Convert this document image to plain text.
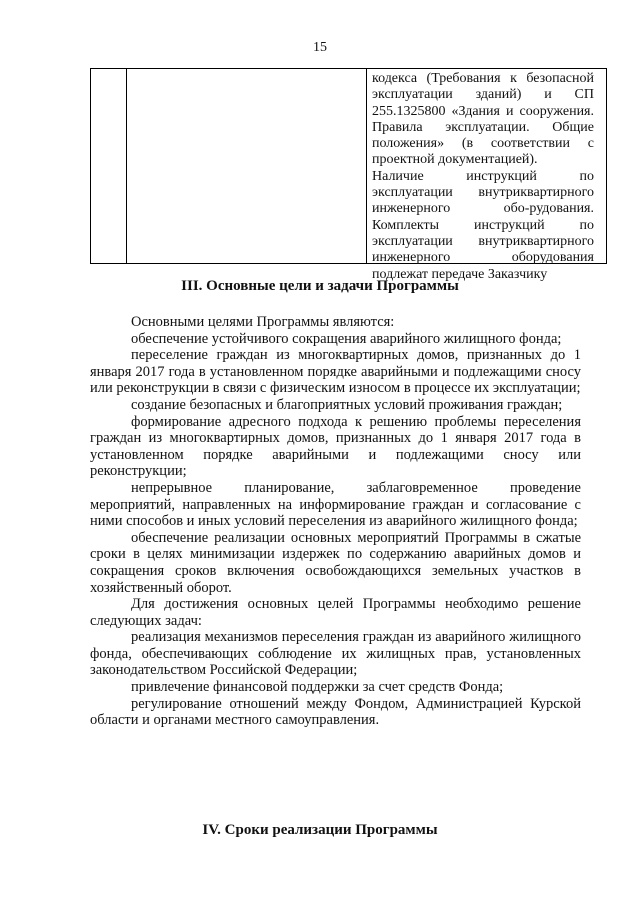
15

кодекса (Требования к безопасной эксплуатации зданий) и СП 255.1325800 «Здания и сооружения. Правила эксплуатации. Общие положения» (в соответствии с проектной документацией).

Наличие инструкций по эксплуатации внутриквартирного инженерного обо-рудования. Комплекты инструкций по эксплуатации внутриквартирного инженерного оборудования подлежат передаче Заказчику

III. Основные цели и задачи Программы

Основными целями Программы являются:

обеспечение устойчивого сокращения аварийного жилищного фонда;

переселение граждан из многоквартирных домов, признанных до 1 января 2017 года в установленном порядке аварийными и подлежащими сносу или реконструкции в связи с физическим износом в процессе их эксплуатации;

создание безопасных и благоприятных условий проживания граждан;

формирование адресного подхода к решению проблемы переселения граждан из многоквартирных домов, признанных до 1 января 2017 года в установленном порядке аварийными и подлежащими сносу или реконструкции;

непрерывное планирование, заблаговременное проведение мероприятий, направленных на информирование граждан и согласование с ними способов и иных условий переселения из аварийного жилищного фонда;

обеспечение реализации основных мероприятий Программы в сжатые сроки в целях минимизации издержек по содержанию аварийных домов и сокращения сроков включения освобождающихся земельных участков в хозяйственный оборот.

Для достижения основных целей Программы необходимо решение следующих задач:

реализация механизмов переселения граждан из аварийного жилищного фонда, обеспечивающих соблюдение их жилищных прав, установленных законодательством Российской Федерации;

привлечение финансовой поддержки за счет средств Фонда;

регулирование отношений между Фондом, Администрацией Курской области и органами местного самоуправления.

IV. Сроки реализации Программы
